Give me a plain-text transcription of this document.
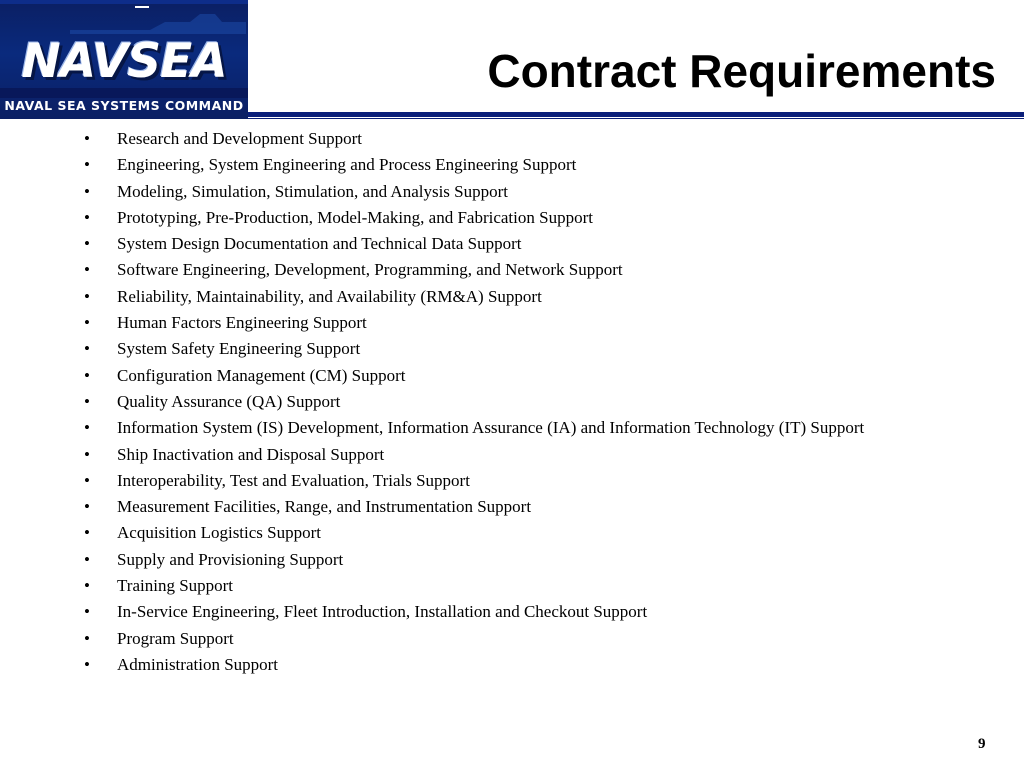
NAVSEA
NAVAL SEA SYSTEMS COMMAND
Contract Requirements
• Research and Development Support
• Engineering, System Engineering and Process Engineering Support
• Modeling, Simulation, Stimulation, and Analysis Support
• Prototyping, Pre-Production, Model-Making, and Fabrication Support
• System Design Documentation and Technical Data Support
• Software Engineering, Development, Programming, and Network Support
• Reliability, Maintainability, and Availability (RM&A) Support
• Human Factors Engineering Support
• System Safety Engineering Support
• Configuration Management (CM) Support
• Quality Assurance (QA) Support
• Information System (IS) Development, Information Assurance (IA) and Information Technology (IT) Support
• Ship Inactivation and Disposal Support
• Interoperability, Test and Evaluation, Trials Support
• Measurement Facilities, Range, and Instrumentation Support
• Acquisition Logistics Support
• Supply and Provisioning Support
• Training Support
• In-Service Engineering, Fleet Introduction, Installation and Checkout Support
• Program Support
• Administration Support
9
